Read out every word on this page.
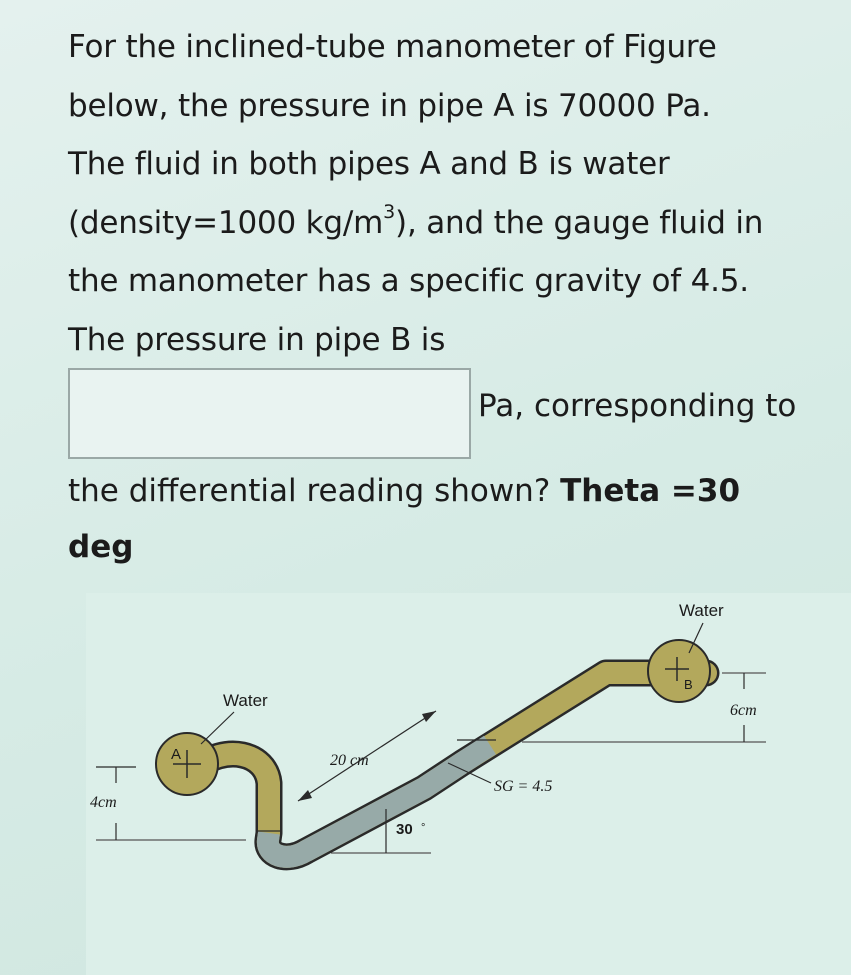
For the inclined-tube manometer of Figure
below, the pressure in pipe A is 70000 Pa.
The fluid in both pipes A and B is water
(density=1000 $kg/m^3$), and the gauge fluid in
the manometer has a specific gravity of 4.5.
The pressure in pipe B is
Pa, corresponding to
the differential reading shown? Theta =30
deg
A
B
Water
Water
20 cm
SG = 4.5
30 °
4cm
6cm
